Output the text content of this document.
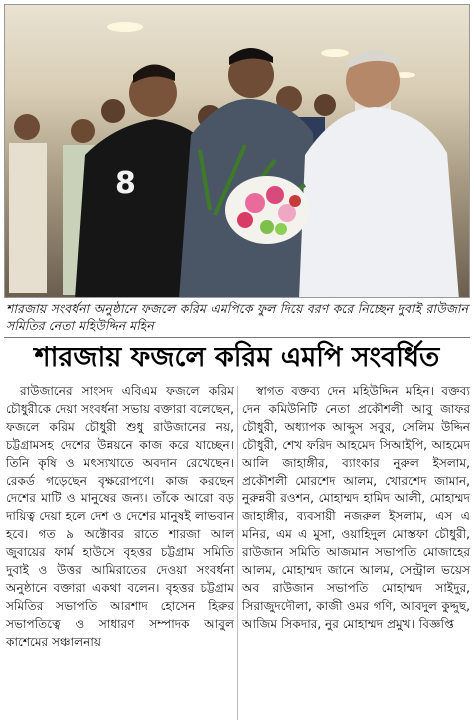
8
শারজায় সংবর্ধনা অনুষ্ঠানে ফজলে করিম এমপিকে ফুল দিয়ে বরণ করে নিচ্ছেন দুবাই রাউজান সমিতির নেতা মহিউদ্দিন মহিন
শারজায় ফজলে করিম এমপি সংবর্ধিত

রাউজানের সাংসদ এবিএম ফজলে করিম চৌধুরীকে দেয়া সংবর্ধনা সভায় বক্তারা বলেছেন, ফজলে করিম চৌধুরী শুধু রাউজানের নয়, চট্টগ্রামসহ দেশের উন্নয়নে কাজ করে যাচ্ছেন। তিনি কৃষি ও মৎস্যখাতে অবদান রেখেছেন। রেকর্ড গড়েছেন বৃক্ষরোপণে। কাজ করছেন দেশের মাটি ও মানুষের জন্য। তাঁকে আরো বড় দায়িত্ব দেয়া হলে দেশ ও দেশের মানুষই লাভবান হবে। গত ৯ অক্টোবর রাতে শারজা আল জুবায়ের ফার্ম হাউসে বৃহত্তর চট্টগ্রাম সমিতি দুবাই ও উত্তর আমিরাতের দেওয়া সংবর্ধনা অনুষ্ঠানে বক্তারা একথা বলেন। বৃহত্তর চট্টগ্রাম সমিতির সভাপতি আরশাদ হোসেন হিরুর সভাপতিত্বে ও সাধারণ সম্পাদক আবুল কাশেমের সঞ্চালনায়

স্বাগত বক্তব্য দেন মহিউদ্দিন মহিন। বক্তব্য দেন কমিউনিটি নেতা প্রকৌশলী আবু জাফর চৌধুরী, অধ্যাপক আব্দুস সবুর, সেলিম উদ্দিন চৌধুরী, শেখ ফরিদ আহমেদ সিআইপি, আহমেদ আলি জাহাঙ্গীর, ব্যাংকার নুরুল ইসলাম, প্রকৌশলী মোরশেদ আলম, খোরশেদ জামান, নুরুন্নবী রওশন, মোহাম্মদ হামিদ আলী, মোহাম্মদ জাহাঙ্গীর, ব্যবসায়ী নজরুল ইসলাম, এস এ মনির, এম এ মুসা, ওয়াহিদুল মোস্তফা চৌধুরী, রাউজান সমিতি আজমান সভাপতি মোজাহের আলম, মোহাম্মদ জানে আলম, সেন্ট্রাল ভয়েস অব রাউজান সভাপতি মোহাম্মদ সাইদুর, সিরাজুদদৌলা, কাজী ওমর গণি, আবদুল কুদ্দুছ, আজিম সিকদার, নুর মোহাম্মদ প্রমুখ। বিজ্ঞপ্তি
